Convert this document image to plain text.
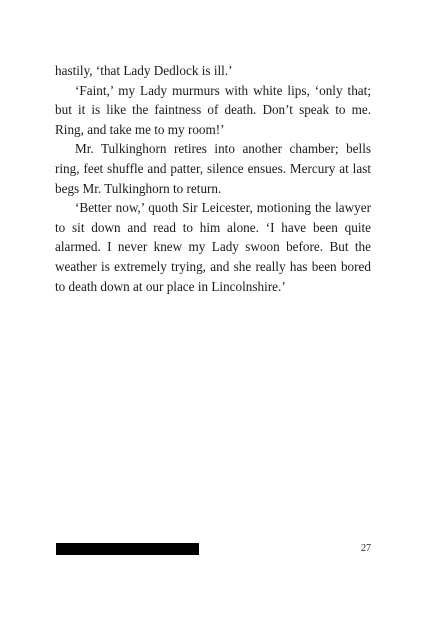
hastily, ‘that Lady Dedlock is ill.’

‘Faint,’ my Lady murmurs with white lips, ‘only that; but it is like the faintness of death. Don’t speak to me. Ring, and take me to my room!’

Mr. Tulkinghorn retires into another chamber; bells ring, feet shuffle and patter, silence ensues. Mercury at last begs Mr. Tulkinghorn to return.

‘Better now,’ quoth Sir Leicester, motioning the lawyer to sit down and read to him alone. ‘I have been quite alarmed. I never knew my Lady swoon before. But the weather is extremely trying, and she really has been bored to death down at our place in Lincolnshire.’

27
